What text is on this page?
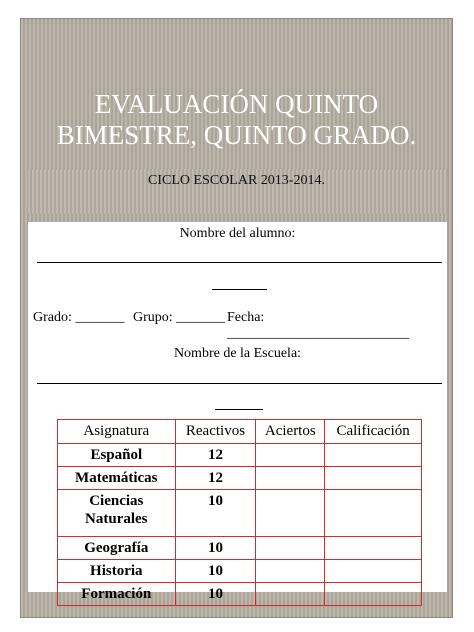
EVALUACIÓN QUINTO
BIMESTRE, QUINTO GRADO.
CICLO ESCOLAR 2013-2014.
Nombre del alumno:
Grado: _______ Grupo: _______ Fecha: __________________________
Nombre de la Escuela:
Asignatura	Reactivos	Aciertos	Calificación
Español	12		
Matemáticas	12		
Ciencias Naturales	10		
Geografía	10		
Historia	10		
Formación	10		
